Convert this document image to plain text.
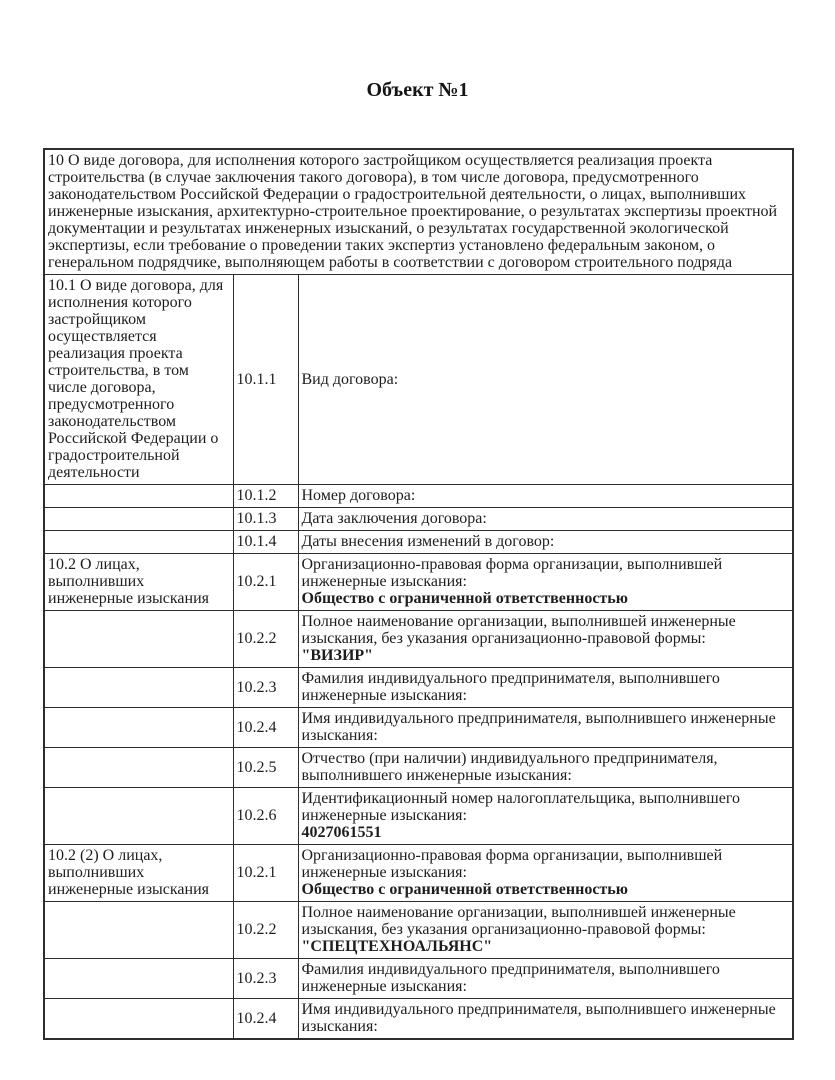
Объект №1
10 О виде договора, для исполнения которого застройщиком осуществляется реализация проекта строительства (в случае заключения такого договора), в том числе договора, предусмотренного законодательством Российской Федерации о градостроительной деятельности, о лицах, выполнивших инженерные изыскания, архитектурно-строительное проектирование, о результатах экспертизы проектной документации и результатах инженерных изысканий, о результатах государственной экологической экспертизы, если требование о проведении таких экспертиз установлено федеральным законом, о генеральном подрядчике, выполняющем работы в соответствии с договором строительного подряда		
10.1 О виде договора, для исполнения которого застройщиком осуществляется реализация проекта строительства, в том числе договора, предусмотренного законодательством Российской Федерации о градостроительной деятельности	10.1.1	Вид договора:

	10.1.2	Номер договора:

	10.1.3	Дата заключения договора:

	10.1.4	Даты внесения изменений в договор:

10.2 О лицах, выполнивших инженерные изыскания	10.2.1	Организационно-правовая форма организации, выполнившей инженерные изыскания:
Общество с ограниченной ответственностью

	10.2.2	Полное наименование организации, выполнившей инженерные изыскания, без указания организационно-правовой формы:
"ВИЗИР"

	10.2.3	Фамилия индивидуального предпринимателя, выполнившего инженерные изыскания:

	10.2.4	Имя индивидуального предпринимателя, выполнившего инженерные изыскания:

	10.2.5	Отчество (при наличии) индивидуального предпринимателя, выполнившего инженерные изыскания:

	10.2.6	Идентификационный номер налогоплательщика, выполнившего инженерные изыскания:
4027061551

10.2 (2) О лицах, выполнивших инженерные изыскания	10.2.1	Организационно-правовая форма организации, выполнившей инженерные изыскания:
Общество с ограниченной ответственностью

	10.2.2	Полное наименование организации, выполнившей инженерные изыскания, без указания организационно-правовой формы:
"СПЕЦТЕХНОАЛЬЯНС"

	10.2.3	Фамилия индивидуального предпринимателя, выполнившего инженерные изыскания:

	10.2.4	Имя индивидуального предпринимателя, выполнившего инженерные изыскания:
